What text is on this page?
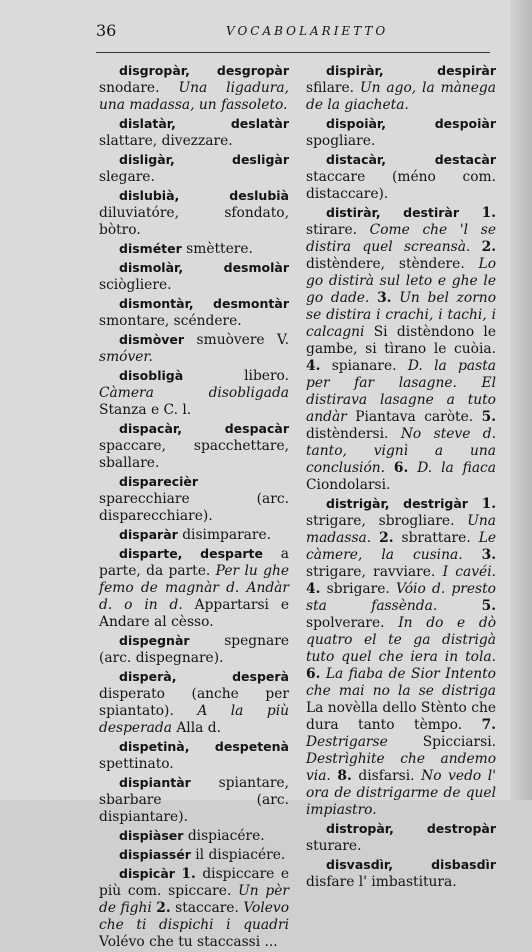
36	VOCABOLARIETTO

disgropàr, desgropàr snodare. Una ligadura, una madassa, un fassoleto.

dislatàr, deslatàr slattare, divezzare.

disligàr, desligàr slegare.

dislubià, deslubià diluviatóre, sfondato, bòtro.

disméter smèttere.

dismolàr, desmolàr sciògliere.

dismontàr, desmontàr smontare, scéndere.

dismòver smuòvere V. smóver.

disobligà libero. Càmera disobligada Stanza e C. l.

dispacàr, despacàr spaccare, spacchettare, sballare.

disparecièr sparecchiare (arc. disparecchiare).

disparàr disimparare.

disparte, desparte a parte, da parte. Per lu ghe femo de magnàr d. Andàr d. o in d. Appartarsi e Andare al cèsso.

dispegnàr spegnare (arc. dispegnare).

disperà, desperà disperato (anche per spiantato). A la più desperada Alla d.

dispetinà, despetenà spettinato.

dispiantàr spiantare, sbarbare (arc. dispiantare).

dispiàser dispiacére.

dispiassér il dispiacére.

dispicàr 1. dispiccare e più com. spiccare. Un pèr de fighi 2. staccare. Volevo che ti dispichi i quadri Volévo che tu staccassi ...

dispiràr, despiràr sfilare. Un ago, la mànega de la giacheta.

dispoiàr, despoiàr spogliare.

distacàr, destacàr staccare (méno com. distaccare).

distiràr, destiràr 1. stirare. Come che 'l se distira quel screansà. 2. distèndere, stèndere. Lo go distirà sul leto e ghe le go dade. 3. Un bel zorno se distira i crachi, i tachi, i calcagni Si distèndono le gambe, si tìrano le cuòia. 4. spianare. D. la pasta per far lasagne. El distirava lasagne a tuto andàr Piantava caròte. 5. distèndersi. No steve d. tanto, vignì a una conclusión. 6. D. la fiaca Ciondolarsi.

distrigàr, destrigàr 1. strigare, sbrogliare. Una madassa. 2. sbrattare. Le càmere, la cusina. 3. strigare, ravviare. I cavéi. 4. sbrigare. Vóio d. presto sta fassènda.	5. spolverare. In do e dò quatro el te ga distrigà tuto quel che iera in tola. 6. La fiaba de Sior Intento che mai no la se distriga La novèlla dello Stènto che dura tanto tèmpo. 7. Destrigarse Spicciarsi. Destrìghite che andemo via. 8. disfarsi. No vedo l' ora de distrigarme de quel impiastro.

distropàr, destropàr sturare.

disvasdìr, disbasdìr disfare l' imbastitura.
